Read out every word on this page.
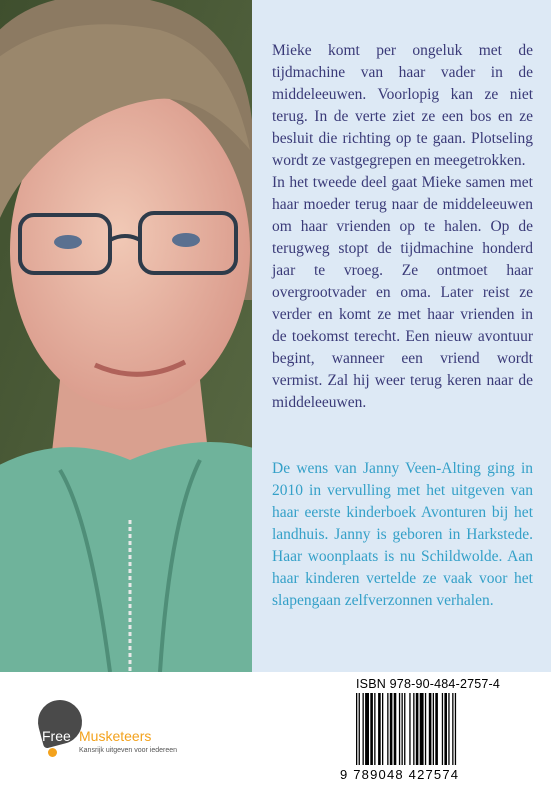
Mieke komt per ongeluk met de tijdmachine van haar vader in de middeleeuwen. Voorlopig kan ze niet terug. In de verte ziet ze een bos en ze besluit die richting op te gaan. Plotseling wordt ze vastgegrepen en meegetrokken.

In het tweede deel gaat Mieke samen met haar moeder terug naar de middeleeuwen om haar vrienden op te halen. Op de terugweg stopt de tijdmachine honderd jaar te vroeg. Ze ontmoet haar overgrootvader en oma. Later reist ze verder en komt ze met haar vrienden in de toekomst terecht. Een nieuw avontuur begint, wanneer een vriend wordt vermist. Zal hij weer terug keren naar de middeleeuwen.

De wens van Janny Veen-Alting ging in 2010 in vervulling met het uitgeven van haar eerste kinderboek Avonturen bij het landhuis. Janny is geboren in Harkstede. Haar woonplaats is nu Schildwolde. Aan haar kinderen vertelde ze vaak voor het slapengaan zelfverzonnen verhalen.

Free Musketeers
Kansrijk uitgeven voor iedereen
ISBN 978-90-484-2757-4
9 789048 427574
